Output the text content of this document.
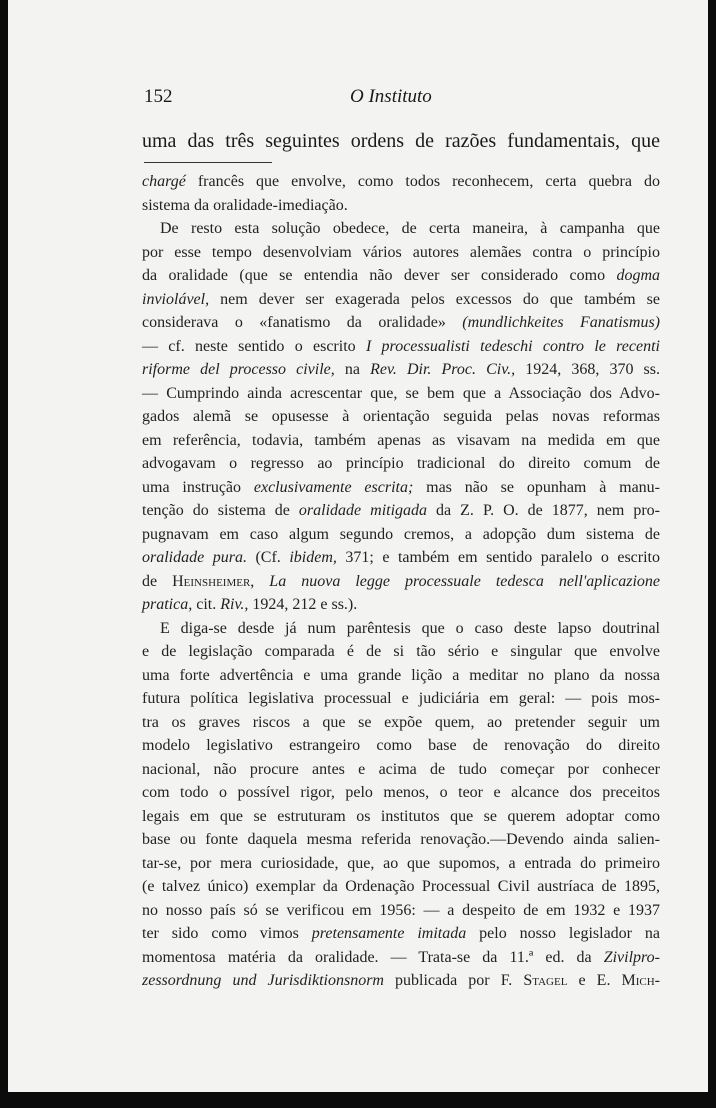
152	O Instituto
uma das três seguintes ordens de razões fundamentais, que
chargé francês que envolve, como todos reconhecem, certa quebra do
sistema da oralidade-imediação.
De resto esta solução obedece, de certa maneira, à campanha que
por esse tempo desenvolviam vários autores alemães contra o princípio
da oralidade (que se entendia não dever ser considerado como dogma
inviolável, nem dever ser exagerada pelos excessos do que também se
considerava o «fanatismo da oralidade» (mundlichkeites Fanatismus)
— cf. neste sentido o escrito I processualisti tedeschi contro le recenti
riforme del processo civile, na Rev. Dir. Proc. Civ., 1924, 368, 370 ss.
— Cumprindo ainda acrescentar que, se bem que a Associação dos Advo-
gados alemã se opusesse à orientação seguida pelas novas reformas
em referência, todavia, também apenas as visavam na medida em que
advogavam o regresso ao princípio tradicional do direito comum de
uma instrução exclusivamente escrita; mas não se opunham à manu-
tenção do sistema de oralidade mitigada da Z. P. O. de 1877, nem pro-
pugnavam em caso algum segundo cremos, a adopção dum sistema de
oralidade pura. (Cf. ibidem, 371; e também em sentido paralelo o escrito
de Heinsheimer, La nuova legge processuale tedesca nell'aplicazione
pratica, cit. Riv., 1924, 212 e ss.).
E diga-se desde já num parêntesis que o caso deste lapso doutrinal
e de legislação comparada é de si tão sério e singular que envolve
uma forte advertência e uma grande lição a meditar no plano da nossa
futura política legislativa processual e judiciária em geral: — pois mos-
tra os graves riscos a que se expõe quem, ao pretender seguir um
modelo legislativo estrangeiro como base de renovação do direito
nacional, não procure antes e acima de tudo começar por conhecer
com todo o possível rigor, pelo menos, o teor e alcance dos preceitos
legais em que se estruturam os institutos que se querem adoptar como
base ou fonte daquela mesma referida renovação.—Devendo ainda salien-
tar-se, por mera curiosidade, que, ao que supomos, a entrada do primeiro
(e talvez único) exemplar da Ordenação Processual Civil austríaca de 1895,
no nosso país só se verificou em 1956: — a despeito de em 1932 e 1937
ter sido como vimos pretensamente imitada pelo nosso legislador na
momentosa matéria da oralidade. — Trata-se da 11.ª ed. da Zivilpro-
zessordnung und Jurisdiktionsnorm publicada por F. Stagel e E. Mich-
